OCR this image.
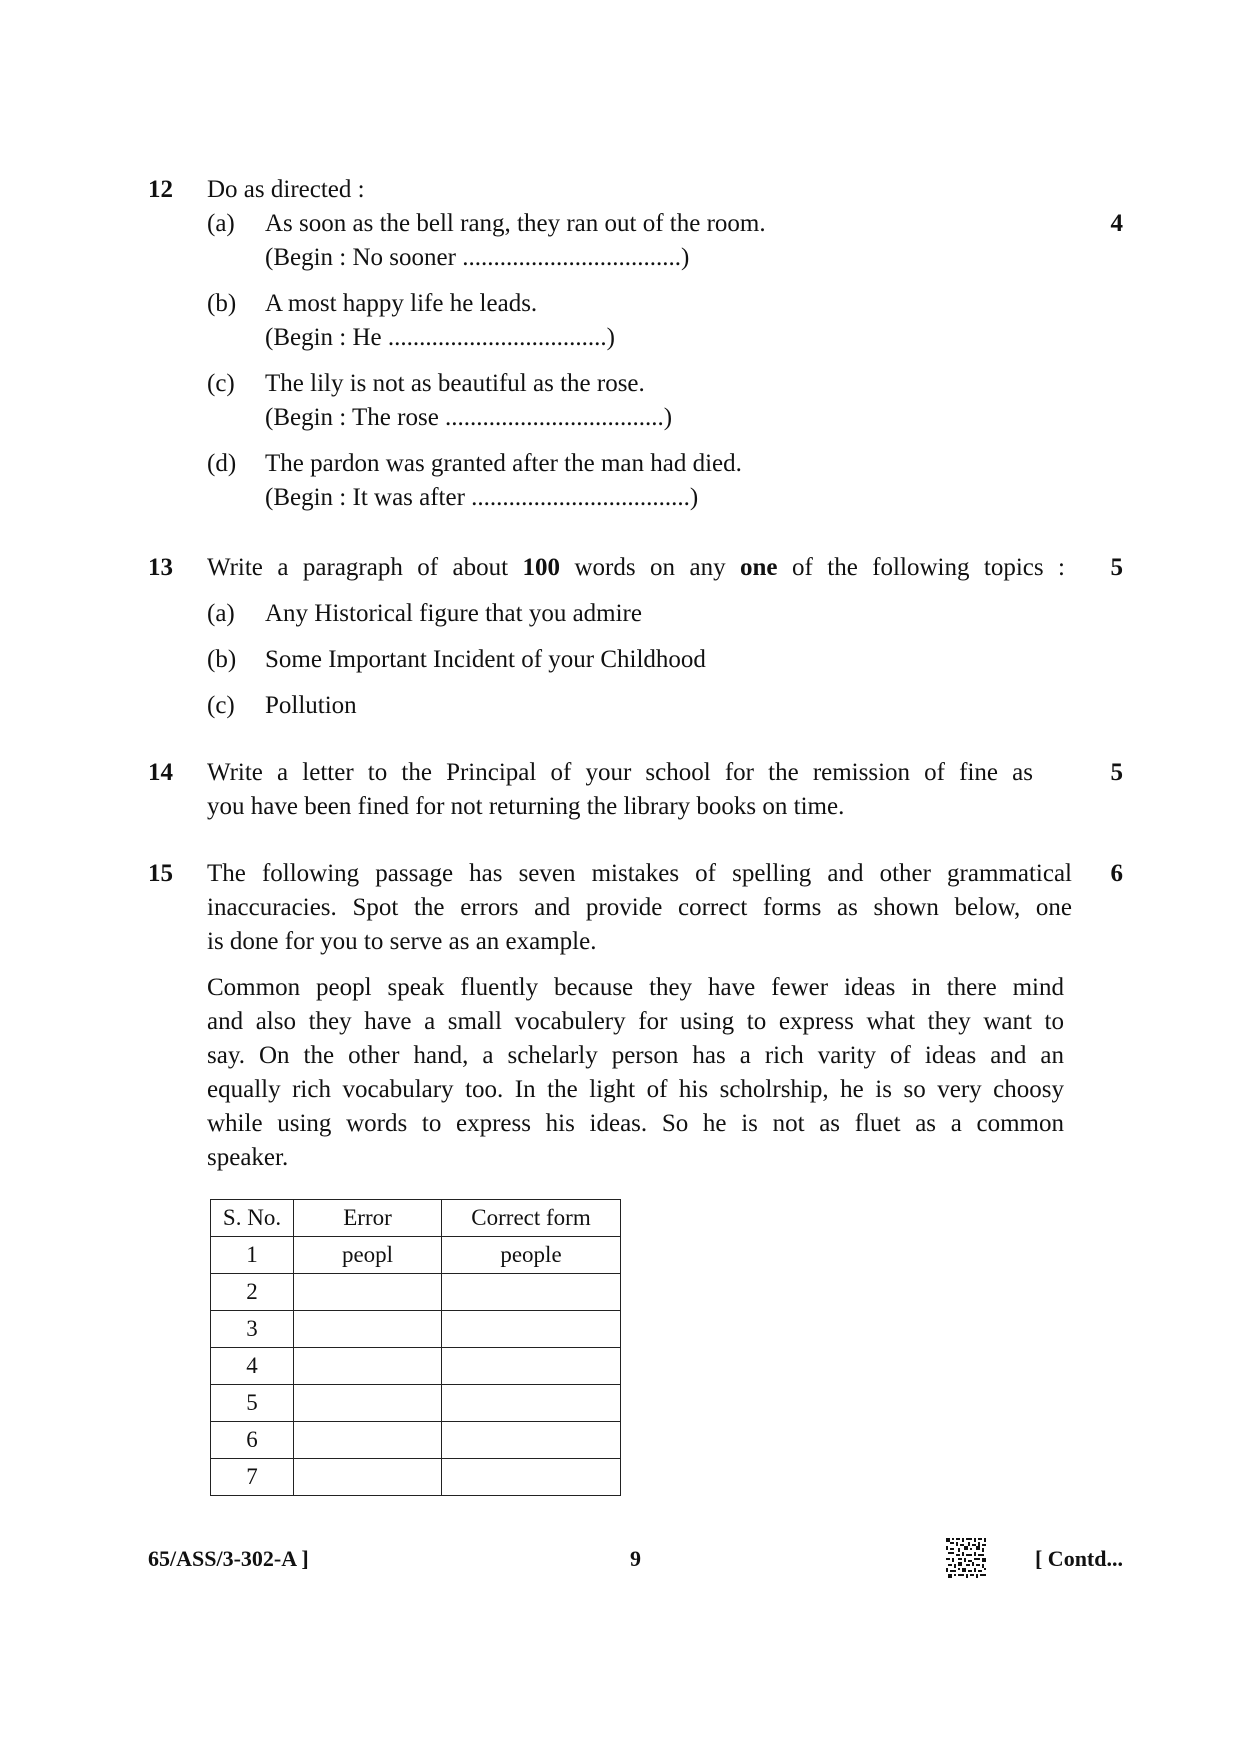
12 Do as directed :
4
(a) As soon as the bell rang, they ran out of the room.
(Begin : No sooner ...................................)
(b) A most happy life he leads.
(Begin : He ...................................)
(c) The lily is not as beautiful as the rose.
(Begin : The rose ...................................)
(d) The pardon was granted after the man had died.
(Begin : It was after ...................................)
13 Write a paragraph of about 100 words on any one of the following topics : 5
(a) Any Historical figure that you admire
(b) Some Important Incident of your Childhood
(c) Pollution
14	5
Write a letter to the Principal of your school for the remission of fine as
you have been fined for not returning the library books on time.
15	6
The following passage has seven mistakes of spelling and other grammatical
inaccuracies. Spot the errors and provide correct forms as shown below, one
is done for you to serve as an example.
Common peopl speak fluently because they have fewer ideas in there mind
and also they have a small vocabulery for using to express what they want to
say. On the other hand, a schelarly person has a rich varity of ideas and an
equally rich vocabulary too. In the light of his scholrship, he is so very choosy
while using words to express his ideas. So he is not as fluet as a common
speaker.
S. No.	Error	Correct form
1	peopl	people
2		
3		
4		
5		
6		
7		
65/ASS/3-302-A ]	9	[ Contd...
